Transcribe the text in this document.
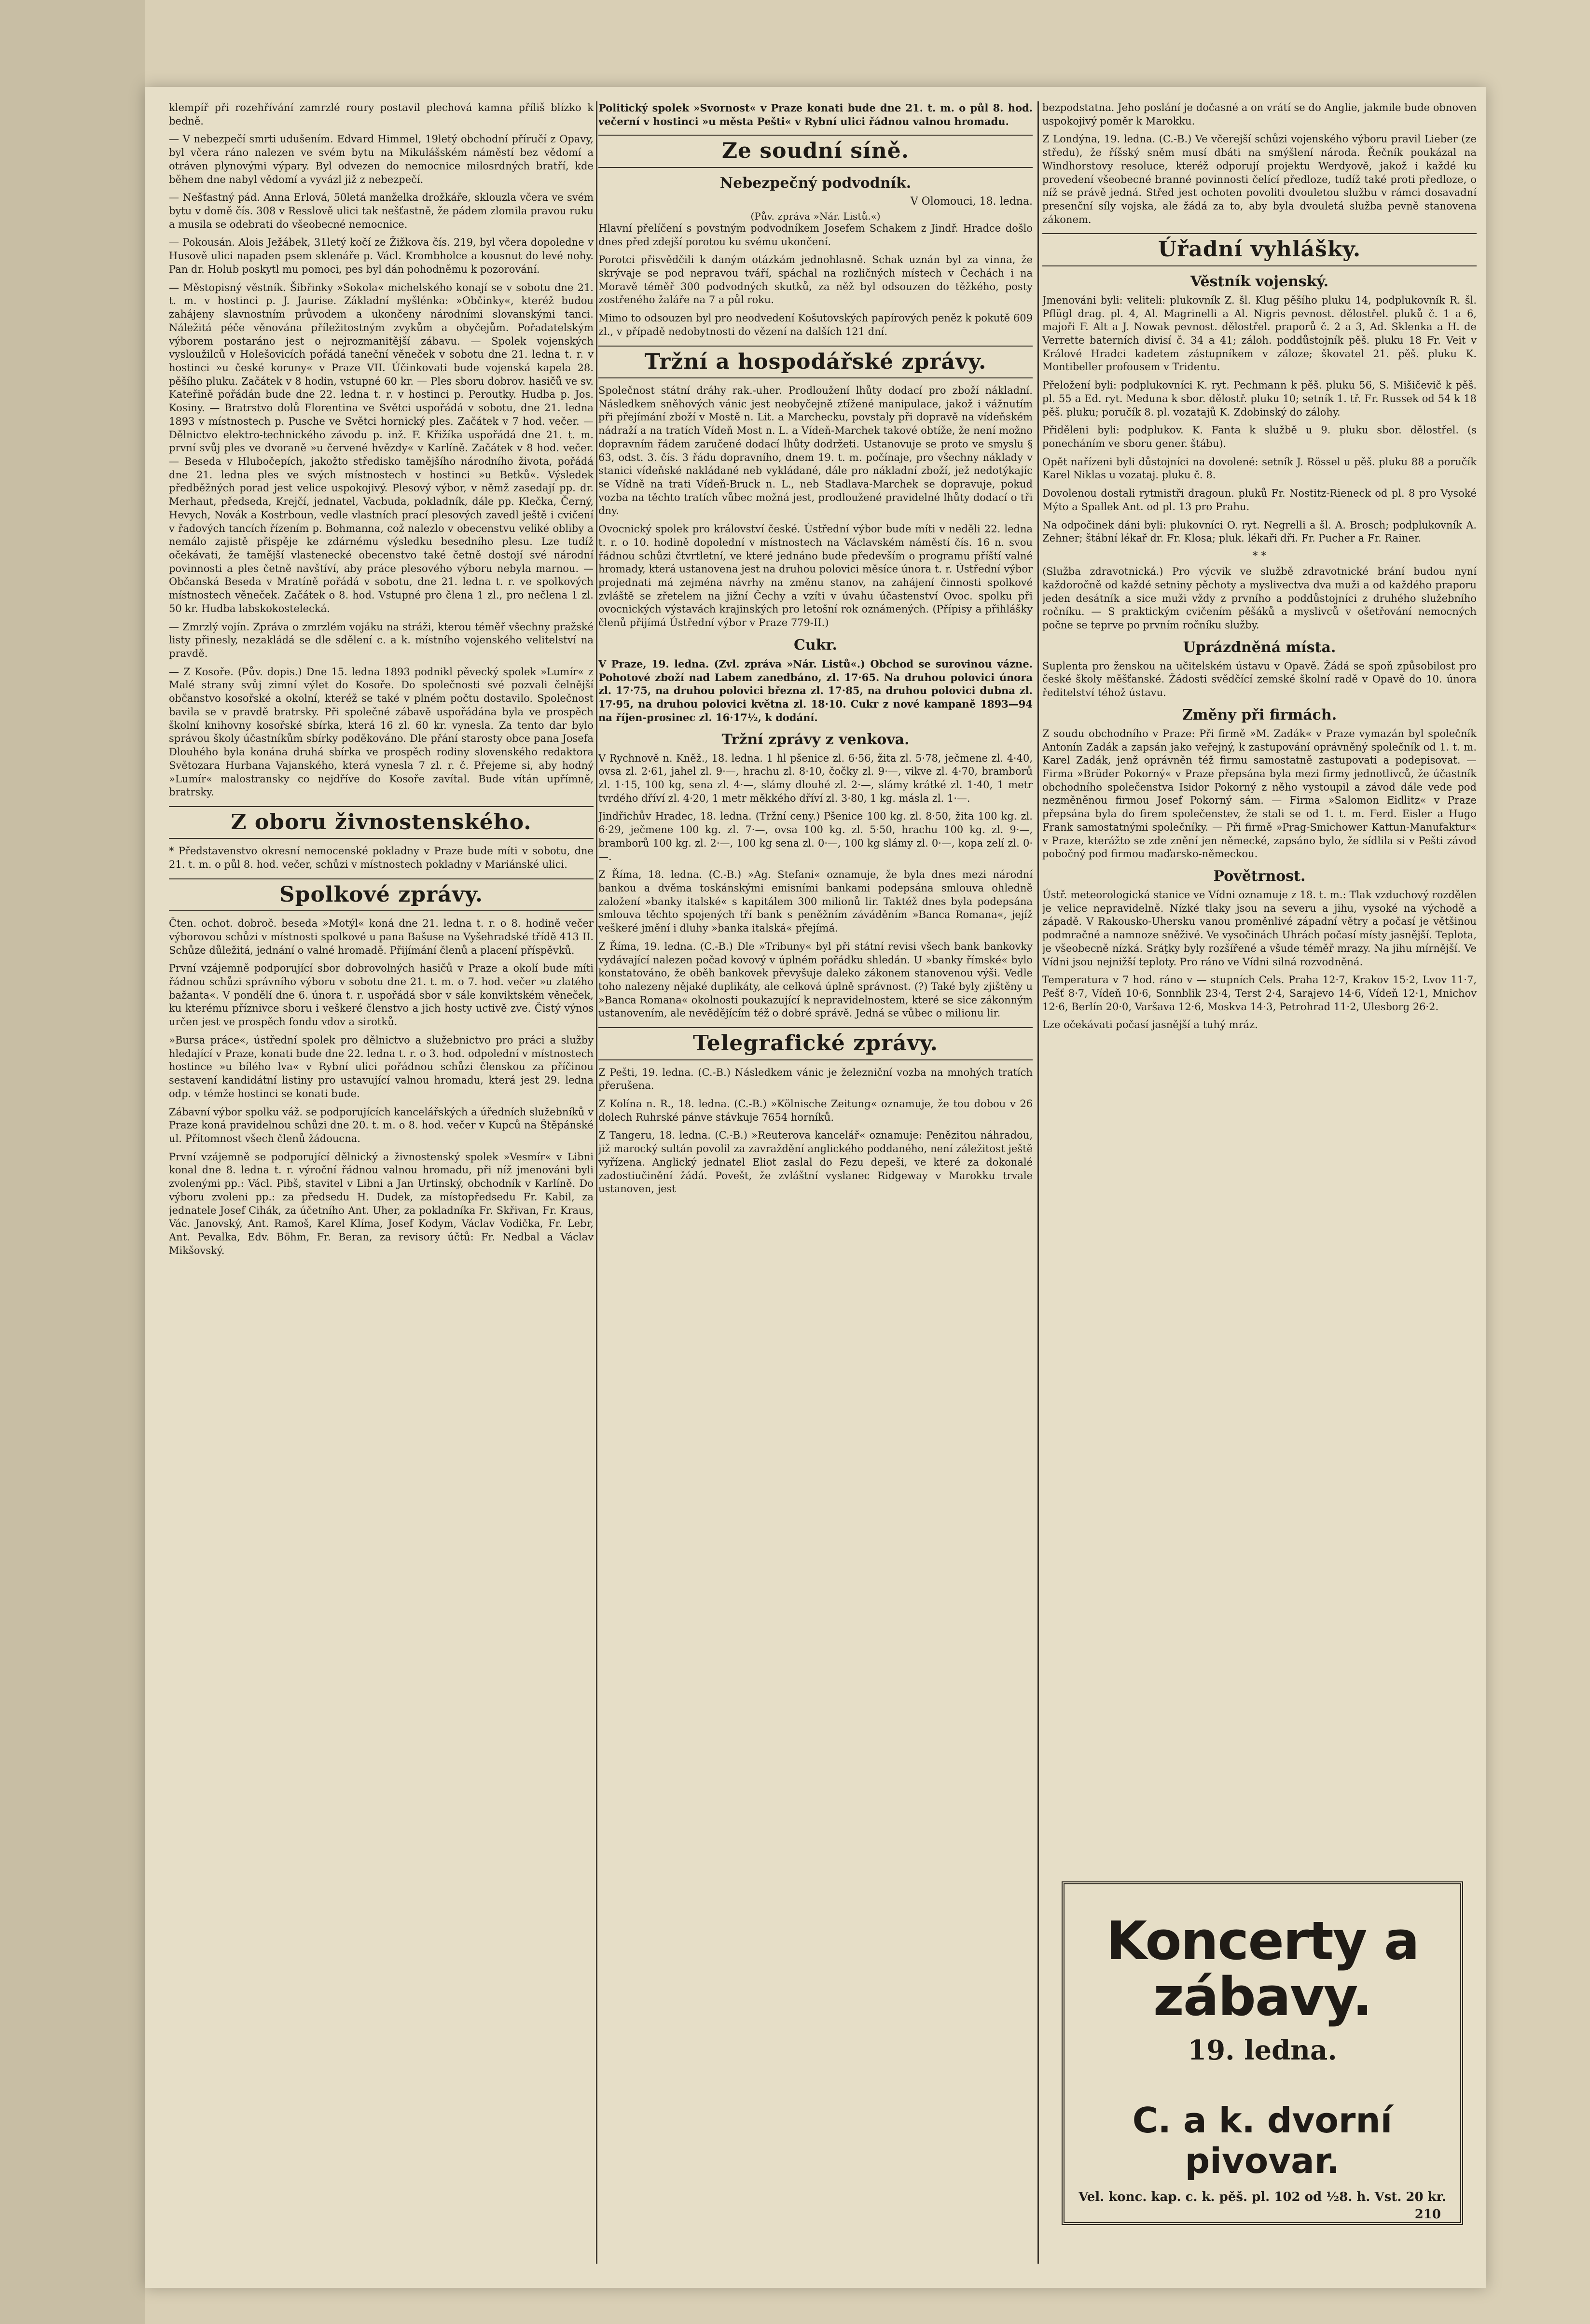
klempíř při rozehřívání zamrzlé roury postavil plechová kamna příliš blízko k bedně.

— V nebezpečí smrti udušením. Edvard Himmel, 19letý obchodní příručí z Opavy, byl včera ráno nalezen ve svém bytu na Mikulášském náměstí bez vědomí a otráven plynovými výpary. Byl odvezen do nemocnice milosrdných bratří, kde během dne nabyl vědomí a vyvázl již z nebezpečí.

— Nešťastný pád. Anna Erlová, 50letá manželka drožkáře, sklouzla včera ve svém bytu v domě čís. 308 v Resslově ulici tak nešťastně, že pádem zlomila pravou ruku a musila se odebrati do všeobecné nemocnice.

— Pokousán. Alois Ježábek, 31letý kočí ze Žižkova čís. 219, byl včera dopoledne v Husově ulici napaden psem sklenáře p. Václ. Krombholce a kousnut do levé nohy. Pan dr. Holub poskytl mu pomoci, pes byl dán pohodněmu k pozorování.

— Městopisný věstník. Šibřinky »Sokola« michelského konají se v sobotu dne 21. t. m. v hostinci p. J. Jaurise. Základní myšlénka: »Občinky«, kteréž budou zahájeny slavnostním průvodem a ukončeny národními slovanskými tanci. Náležitá péče věnována příležitostným zvykům a obyčejům. Pořadatelským výborem postaráno jest o nejrozmanitější zábavu. — Spolek vojenských vysloužilců v Holešovicích pořádá taneční věneček v sobotu dne 21. ledna t. r. v hostinci »u české koruny« v Praze VII. Účinkovati bude vojenská kapela 28. pěšího pluku. Začátek v 8 hodin, vstupné 60 kr. — Ples sboru dobrov. hasičů ve sv. Kateřině pořádán bude dne 22. ledna t. r. v hostinci p. Peroutky. Hudba p. Jos. Kosiny. — Bratrstvo dolů Florentina ve Světci uspořádá v sobotu, dne 21. ledna 1893 v místnostech p. Pusche ve Světci hornický ples. Začátek v 7 hod. večer. — Dělnictvo elektro-technického závodu p. inž. F. Křižíka uspořádá dne 21. t. m. první svůj ples ve dvoraně »u červené hvězdy« v Karlíně. Začátek v 8 hod. večer. — Beseda v Hlubočepích, jakožto středisko tamějšího národního života, pořádá dne 21. ledna ples ve svých místnostech v hostinci »u Betků«. Výsledek předběžných porad jest velice uspokojivý. Plesový výbor, v němž zasedají pp. dr. Merhaut, předseda, Krejčí, jednatel, Vacbuda, pokladník, dále pp. Klečka, Černý, Hevych, Novák a Kostrboun, vedle vlastních prací plesových zavedl ještě i cvičení v řadových tancích řízením p. Bohmanna, což nalezlo v obecenstvu veliké obliby a nemálo zajistě přispěje ke zdárnému výsledku besedního plesu. Lze tudíž očekávati, že tamější vlastenecké obecenstvo také četně dostojí své národní povinnosti a ples četně navštíví, aby práce plesového výboru nebyla marnou. — Občanská Beseda v Mratíně pořádá v sobotu, dne 21. ledna t. r. ve spolkových místnostech věneček. Začátek o 8. hod. Vstupné pro člena 1 zl., pro nečlena 1 zl. 50 kr. Hudba labskokostelecká.

— Zmrzlý vojín. Zpráva o zmrzlém vojáku na stráži, kterou téměř všechny pražské listy přinesly, nezakládá se dle sdělení c. a k. místního vojenského velitelství na pravdě.

— Z Kosoře. (Pův. dopis.) Dne 15. ledna 1893 podnikl pěvecký spolek »Lumír« z Malé strany svůj zimní výlet do Kosoře. Do společnosti své pozvali čelnější občanstvo kosořské a okolní, kteréž se také v plném počtu dostavilo. Společnost bavila se v pravdě bratrsky. Při společné zábavě uspořádána byla ve prospěch školní knihovny kosořské sbírka, která 16 zl. 60 kr. vynesla. Za tento dar bylo správou školy účastníkům sbírky poděkováno. Dle přání starosty obce pana Josefa Dlouhého byla konána druhá sbírka ve prospěch rodiny slovenského redaktora Světozara Hurbana Vajanského, která vynesla 7 zl. r. č. Přejeme si, aby hodný »Lumír« malostransky co nejdříve do Kosoře zavítal. Bude vítán upřímně, bratrsky.

Z oboru živnostenského.

* Představenstvo okresní nemocenské pokladny v Praze bude míti v sobotu, dne 21. t. m. o půl 8. hod. večer, schůzi v místnostech pokladny v Mariánské ulici.

Spolkové zprávy.

Čten. ochot. dobroč. beseda »Motýl« koná dne 21. ledna t. r. o 8. hodině večer výborovou schůzi v místnosti spolkové u pana Bašuse na Vyšehradské třídě 413 II. Schůze důležitá, jednání o valné hromadě. Přijímání členů a placení příspěvků.

První vzájemně podporující sbor dobrovolných hasičů v Praze a okolí bude míti řádnou schůzi správního výboru v sobotu dne 21. t. m. o 7. hod. večer »u zlatého bažanta«. V pondělí dne 6. února t. r. uspořádá sbor v sále konviktském věneček, ku kterému příznivce sboru i veškeré členstvo a jich hosty uctivě zve. Čistý výnos určen jest ve prospěch fondu vdov a sirotků.

»Bursa práce«, ústřední spolek pro dělnictvo a služebnictvo pro práci a služby hledající v Praze, konati bude dne 22. ledna t. r. o 3. hod. odpolední v místnostech hostince »u bílého lva« v Rybní ulici pořádnou schůzi členskou za příčinou sestavení kandidátní listiny pro ustavující valnou hromadu, která jest 29. ledna odp. v témže hostinci se konati bude.

Zábavní výbor spolku váž. se podporujících kancelářských a úředních služebníků v Praze koná pravidelnou schůzi dne 20. t. m. o 8. hod. večer v Kupců na Štěpánské ul. Přítomnost všech členů žádoucna.

První vzájemně se podporující dělnický a živnostenský spolek »Vesmír« v Libni konal dne 8. ledna t. r. výroční řádnou valnou hromadu, při níž jmenováni byli zvolenými pp.: Václ. Pibš, stavitel v Libni a Jan Urtinský, obchodník v Karlíně. Do výboru zvoleni pp.: za předsedu H. Dudek, za místopředsedu Fr. Kabil, za jednatele Josef Cihák, za účetního Ant. Uher, za pokladníka Fr. Skřivan, Fr. Kraus, Vác. Janovský, Ant. Ramoš, Karel Klíma, Josef Kodym, Václav Vodička, Fr. Lebr, Ant. Pevalka, Edv. Böhm, Fr. Beran, za revisory účtů: Fr. Nedbal a Václav Mikšovský.

Politický spolek »Svornost« v Praze konati bude dne 21. t. m. o půl 8. hod. večerní v hostinci »u města Pešti« v Rybní ulici řádnou valnou hromadu.

Ze soudní síně.
Nebezpečný podvodník.
V Olomouci, 18. ledna.
(Pův. zpráva »Nár. Listů.«)

Hlavní přelíčení s povstným podvodníkem Josefem Schakem z Jindř. Hradce došlo dnes před zdejší porotou ku svému ukončení.

Porotci přisvědčili k daným otázkám jednohlasně. Schak uznán byl za vinna, že skrývaje se pod nepravou tváří, spáchal na rozličných místech v Čechách i na Moravě téměř 300 podvodných skutků, za něž byl odsouzen do těžkého, posty zostřeného žaláře na 7 a půl roku.

Mimo to odsouzen byl pro neodvedení Košutovských papírových peněz k pokutě 609 zl., v případě nedobytnosti do vězení na dalších 121 dní.

Tržní a hospodářské zprávy.

Společnost státní dráhy rak.-uher. Prodloužení lhůty dodací pro zboží nákladní. Následkem sněhových vánic jest neobyčejně ztížené manipulace, jakož i vážnutím při přejímání zboží v Mostě n. Lit. a Marchecku, povstaly při dopravě na vídeňském nádraží a na tratích Vídeň Most n. L. a Vídeň-Marchek takové obtíže, že není možno dopravním řádem zaručené dodací lhůty dodržeti. Ustanovuje se proto ve smyslu § 63, odst. 3. čís. 3 řádu dopravního, dnem 19. t. m. počínaje, pro všechny náklady v stanici vídeňské nakládané neb vykládané, dále pro nákladní zboží, jež nedotýkajíc se Vídně na trati Vídeň-Bruck n. L., neb Stadlava-Marchek se dopravuje, pokud vozba na těchto tratích vůbec možná jest, prodloužené pravidelné lhůty dodací o tři dny.

Ovocnický spolek pro království české. Ústřední výbor bude míti v neděli 22. ledna t. r. o 10. hodině dopolední v místnostech na Václavském náměstí čís. 16 n. svou řádnou schůzi čtvrtletní, ve které jednáno bude především o programu příští valné hromady, která ustanovena jest na druhou polovici měsíce února t. r. Ústřední výbor projednati má zejména návrhy na změnu stanov, na zahájení činnosti spolkové zvláště se zřetelem na jižní Čechy a vzíti v úvahu účastenství Ovoc. spolku při ovocnických výstavách krajinských pro letošní rok oznámených. (Přípisy a přihlášky členů přijímá Ústřední výbor v Praze 779-II.)

Cukr.

V Praze, 19. ledna. (Zvl. zpráva »Nár. Listů«.) Obchod se surovinou vázne. Pohotové zboží nad Labem zanedbáno, zl. 17·65. Na druhou polovici února zl. 17·75, na druhou polovici března zl. 17·85, na druhou polovici dubna zl. 17·95, na druhou polovici května zl. 18·10. Cukr z nové kampaně 1893—94 na říjen-prosinec zl. 16·17½, k dodání.

Tržní zprávy z venkova.

V Rychnově n. Kněž., 18. ledna. 1 hl pšenice zl. 6·56, žita zl. 5·78, ječmene zl. 4·40, ovsa zl. 2·61, jahel zl. 9·—, hrachu zl. 8·10, čočky zl. 9·—, vikve zl. 4·70, bramborů zl. 1·15, 100 kg, sena zl. 4·—, slámy dlouhé zl. 2·—, slámy krátké zl. 1·40, 1 metr tvrdého dříví zl. 4·20, 1 metr měkkého dříví zl. 3·80, 1 kg. másla zl. 1·—.

Jindřichův Hradec, 18. ledna. (Tržní ceny.) Pšenice 100 kg. zl. 8·50, žita 100 kg. zl. 6·29, ječmene 100 kg. zl. 7·—, ovsa 100 kg. zl. 5·50, hrachu 100 kg. zl. 9·—, bramborů 100 kg. zl. 2·—, 100 kg sena zl. 0·—, 100 kg slámy zl. 0·—, kopa zelí zl. 0·—.

Z Říma, 18. ledna. (C.-B.) »Ag. Stefani« oznamuje, že byla dnes mezi národní bankou a dvěma toskánskými emisními bankami podepsána smlouva ohledně založení »banky italské« s kapitálem 300 milionů lir. Taktéž dnes byla podepsána smlouva těchto spojených tří bank s peněžním záváděním »Banca Romana«, jejíž veškeré jmění i dluhy »banka italská« přejímá.

Z Říma, 19. ledna. (C.-B.) Dle »Tribuny« byl při státní revisi všech bank bankovky vydávající nalezen počad kovový v úplném pořádku shledán. U »banky římské« bylo konstatováno, že oběh bankovek převyšuje daleko zákonem stanovenou výši. Vedle toho nalezeny nějaké duplikáty, ale celková úplně správnost. (?) Také byly zjištěny u »Banca Romana« okolnosti poukazující k nepravidelnostem, které se sice zákonným ustanovením, ale nevědějícím též o dobré správě. Jedná se vůbec o milionu lir.

Telegrafické zprávy.

Z Pešti, 19. ledna. (C.-B.) Následkem vánic je železniční vozba na mnohých tratích přerušena.

Z Kolína n. R., 18. ledna. (C.-B.) »Kölnische Zeitung« oznamuje, že tou dobou v 26 dolech Ruhrské pánve stávkuje 7654 horníků.

Z Tangeru, 18. ledna. (C.-B.) »Reuterova kancelář« oznamuje: Penězitou náhradou, již marocký sultán povolil za zavraždění anglického poddaného, není záležitost ještě vyřízena. Anglický jednatel Eliot zaslal do Fezu depeši, ve které za dokonalé zadostiučinění žádá. Povešt, že zvláštní vyslanec Ridgeway v Marokku trvale ustanoven, jest

bezpodstatna. Jeho poslání je dočasné a on vrátí se do Anglie, jakmile bude obnoven uspokojivý poměr k Marokku.

Z Londýna, 19. ledna. (C.-B.) Ve včerejší schůzi vojenského výboru pravil Lieber (ze středu), že říšský sněm musí dbáti na smýšlení národa. Řečník poukázal na Windhorstovy resoluce, kteréž odporují projektu Werdyově, jakož i každé ku provedení všeobecné branné povinnosti čelící předloze, tudíž také proti předloze, o níž se právě jedná. Střed jest ochoten povoliti dvouletou službu v rámci dosavadní presenční síly vojska, ale žádá za to, aby byla dvouletá služba pevně stanovena zákonem.

Úřadní vyhlášky.
Věstník vojenský.

Jmenováni byli: veliteli: plukovník Z. šl. Klug pěšího pluku 14, podplukovník R. šl. Pflügl drag. pl. 4, Al. Magrinelli a Al. Nigris pevnost. dělostřel. pluků č. 1 a 6, majoři F. Alt a J. Nowak pevnost. dělostřel. praporů č. 2 a 3, Ad. Sklenka a H. de Verrette baterních divisí č. 34 a 41; záloh. poddůstojník pěš. pluku 18 Fr. Veit v Králové Hradci kadetem zástupníkem v záloze; škovatel 21. pěš. pluku K. Montibeller profousem v Tridentu.

Přeložení byli: podplukovníci K. ryt. Pechmann k pěš. pluku 56, S. Mišičevič k pěš. pl. 55 a Ed. ryt. Meduna k sbor. dělostř. pluku 10; setník 1. tř. Fr. Russek od 54 k 18 pěš. pluku; poručík 8. pl. vozatajů K. Zdobinský do zálohy.

Přiděleni byli: podplukov. K. Fanta k službě u 9. pluku sbor. dělostřel. (s ponecháním ve sboru gener. štábu).

Opět nařízeni byli důstojníci na dovolené: setník J. Rössel u pěš. pluku 88 a poručík Karel Niklas u vozataj. pluku č. 8.

Dovolenou dostali rytmistři dragoun. pluků Fr. Nostitz-Rieneck od pl. 8 pro Vysoké Mýto a Spallek Ant. od pl. 13 pro Prahu.

Na odpočinek dáni byli: plukovníci O. ryt. Negrelli a šl. A. Brosch; podplukovník A. Zehner; štábní lékař dr. Fr. Klosa; pluk. lékaři dři. Fr. Pucher a Fr. Rainer.

* *

(Služba zdravotnická.) Pro výcvik ve službě zdravotnické brání budou nyní každoročně od každé setniny pěchoty a myslivectva dva muži a od každého praporu jeden desátník a sice muži vždy z prvního a poddůstojníci z druhého služebního ročníku. — S praktickým cvičením pěšáků a myslivců v ošetřování nemocných počne se teprve po prvním ročníku služby.

Uprázdněná místa.

Suplenta pro ženskou na učitelském ústavu v Opavě. Žádá se spoň způsobilost pro české školy měšťanské. Žádosti svědčící zemské školní radě v Opavě do 10. února ředitelství téhož ústavu.

Změny při firmách.

Z soudu obchodního v Praze: Při firmě »M. Zadák« v Praze vymazán byl společník Antonín Zadák a zapsán jako veřejný, k zastupování oprávněný společník od 1. t. m. Karel Zadák, jenž oprávněn též firmu samostatně zastupovati a podepisovat. — Firma »Brüder Pokorný« v Praze přepsána byla mezi firmy jednotlivců, že účastník obchodního společenstva Isidor Pokorný z něho vystoupil a závod dále vede pod nezměněnou firmou Josef Pokorný sám. — Firma »Salomon Eidlitz« v Praze přepsána byla do firem společenstev, že stali se od 1. t. m. Ferd. Eisler a Hugo Frank samostatnými společníky. — Při firmě »Prag-Smichower Kattun-Manufaktur« v Praze, kterážto se zde znění jen německé, zapsáno bylo, že sídlila si v Pešti závod pobočný pod firmou maďarsko-německou.

Povětrnost.

Ústř. meteorologická stanice ve Vídni oznamuje z 18. t. m.: Tlak vzduchový rozdělen je velice nepravidelně. Nízké tlaky jsou na severu a jihu, vysoké na východě a západě. V Rakousko-Uhersku vanou proměnlivé západní větry a počasí je většinou podmračné a namnoze sněživé. Ve vysočinách Uhrách počasí místy jasnější. Teplota, je všeobecně nízká. Sráţky byly rozšířené a všude téměř mrazy. Na jihu mírnější. Ve Vídni jsou nejnižší teploty. Pro ráno ve Vídni silná rozvodněná.

Temperatura v 7 hod. ráno v — stupních Cels. Praha 12·7, Krakov 15·2, Lvov 11·7, Pešť 8·7, Vídeň 10·6, Sonnblik 23·4, Terst 2·4, Sarajevo 14·6, Vídeň 12·1, Mnichov 12·6, Berlín 20·0, Varšava 12·6, Moskva 14·3, Petrohrad 11·2, Ulesborg 26·2.

Lze očekávati počasí jasnější a tuhý mráz.

Koncerty a zábavy.
19. ledna.
C. a k. dvorní pivovar.
Vel. konc. kap. c. k. pěš. pl. 102 od ½8. h. Vst. 20 kr.
210
